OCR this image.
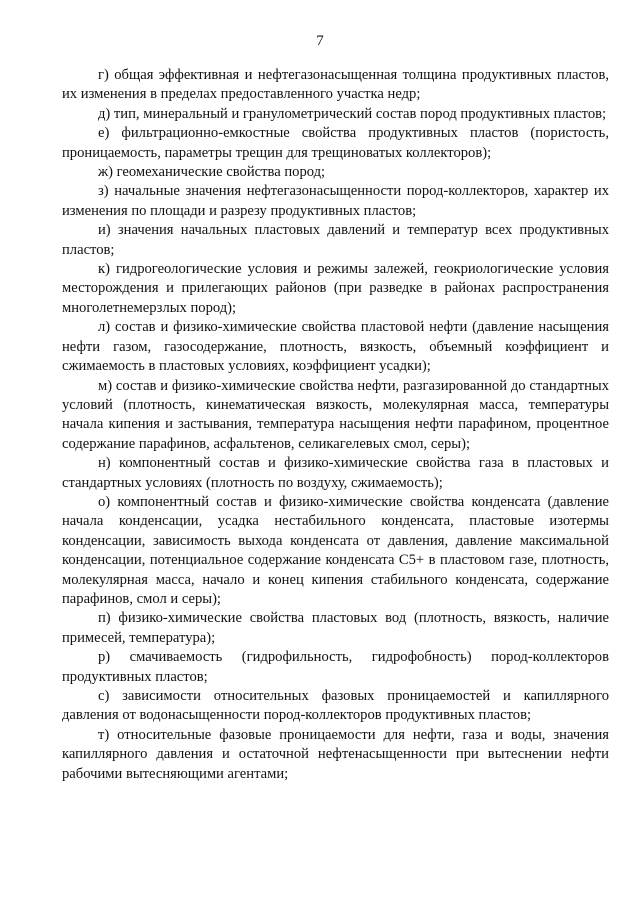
7

г) общая эффективная и нефтегазонасыщенная толщина продуктивных пластов, их изменения в пределах предоставленного участка недр;

д) тип, минеральный и гранулометрический состав пород продуктивных пластов;

е) фильтрационно-емкостные свойства продуктивных пластов (пористость, проницаемость, параметры трещин для трещиноватых коллекторов);

ж) геомеханические свойства пород;

з) начальные значения нефтегазонасыщенности пород-коллекторов, характер их изменения по площади и разрезу продуктивных пластов;

и) значения начальных пластовых давлений и температур всех продуктивных пластов;

к) гидрогеологические условия и режимы залежей, геокриологические условия месторождения и прилегающих районов (при разведке в районах распространения многолетнемерзлых пород);

л) состав и физико-химические свойства пластовой нефти (давление насыщения нефти газом, газосодержание, плотность, вязкость, объемный коэффициент и сжимаемость в пластовых условиях, коэффициент усадки);

м) состав и физико-химические свойства нефти, разгазированной до стандартных условий (плотность, кинематическая вязкость, молекулярная масса, температуры начала кипения и застывания, температура насыщения нефти парафином, процентное содержание парафинов, асфальтенов, селикагелевых смол, серы);

н) компонентный состав и физико-химические свойства газа в пластовых и стандартных условиях (плотность по воздуху, сжимаемость);

о) компонентный состав и физико-химические свойства конденсата (давление начала конденсации, усадка нестабильного конденсата, пластовые изотермы конденсации, зависимость выхода конденсата от давления, давление максимальной конденсации, потенциальное содержание конденсата С5+ в пластовом газе, плотность, молекулярная масса, начало и конец кипения стабильного конденсата, содержание парафинов, смол и серы);

п) физико-химические свойства пластовых вод (плотность, вязкость, наличие примесей, температура);

р) смачиваемость (гидрофильность, гидрофобность) пород-коллекторов продуктивных пластов;

с) зависимости относительных фазовых проницаемостей и капиллярного давления от водонасыщенности пород-коллекторов продуктивных пластов;

т) относительные фазовые проницаемости для нефти, газа и воды, значения капиллярного давления и остаточной нефтенасыщенности при вытеснении нефти рабочими вытесняющими агентами;
